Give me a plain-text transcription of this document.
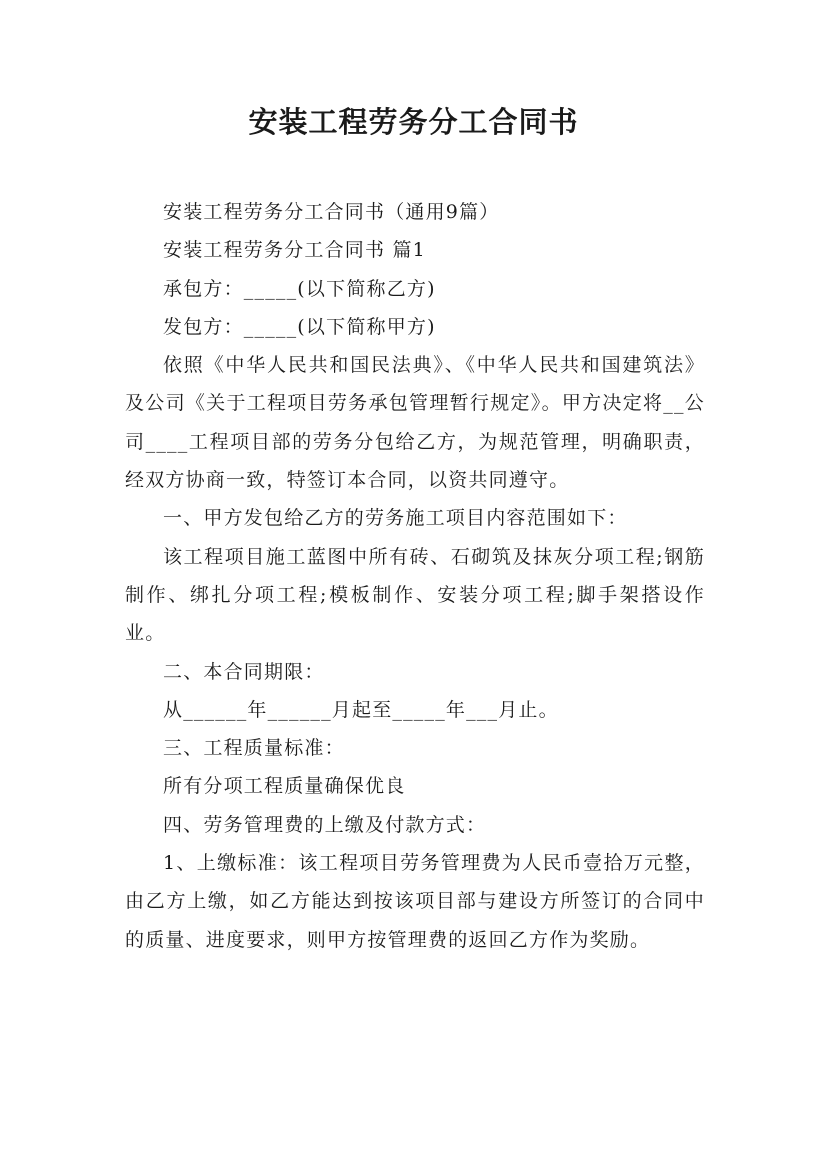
安装工程劳务分工合同书

安装工程劳务分工合同书（通用9篇）

安装工程劳务分工合同书 篇1

承包方：_____(以下简称乙方)

发包方：_____(以下简称甲方)

依照《中华人民共和国民法典》、《中华人民共和国建筑法》及公司《关于工程项目劳务承包管理暂行规定》。甲方决定将__公司____工程项目部的劳务分包给乙方，为规范管理，明确职责，经双方协商一致，特签订本合同，以资共同遵守。

一、甲方发包给乙方的劳务施工项目内容范围如下：

该工程项目施工蓝图中所有砖、石砌筑及抹灰分项工程;钢筋制作、绑扎分项工程;模板制作、安装分项工程;脚手架搭设作业。

二、本合同期限：

从______年______月起至_____年___月止。

三、工程质量标准：

所有分项工程质量确保优良

四、劳务管理费的上缴及付款方式：

1、上缴标准：该工程项目劳务管理费为人民币壹拾万元整，由乙方上缴，如乙方能达到按该项目部与建设方所签订的合同中的质量、进度要求，则甲方按管理费的返回乙方作为奖励。
